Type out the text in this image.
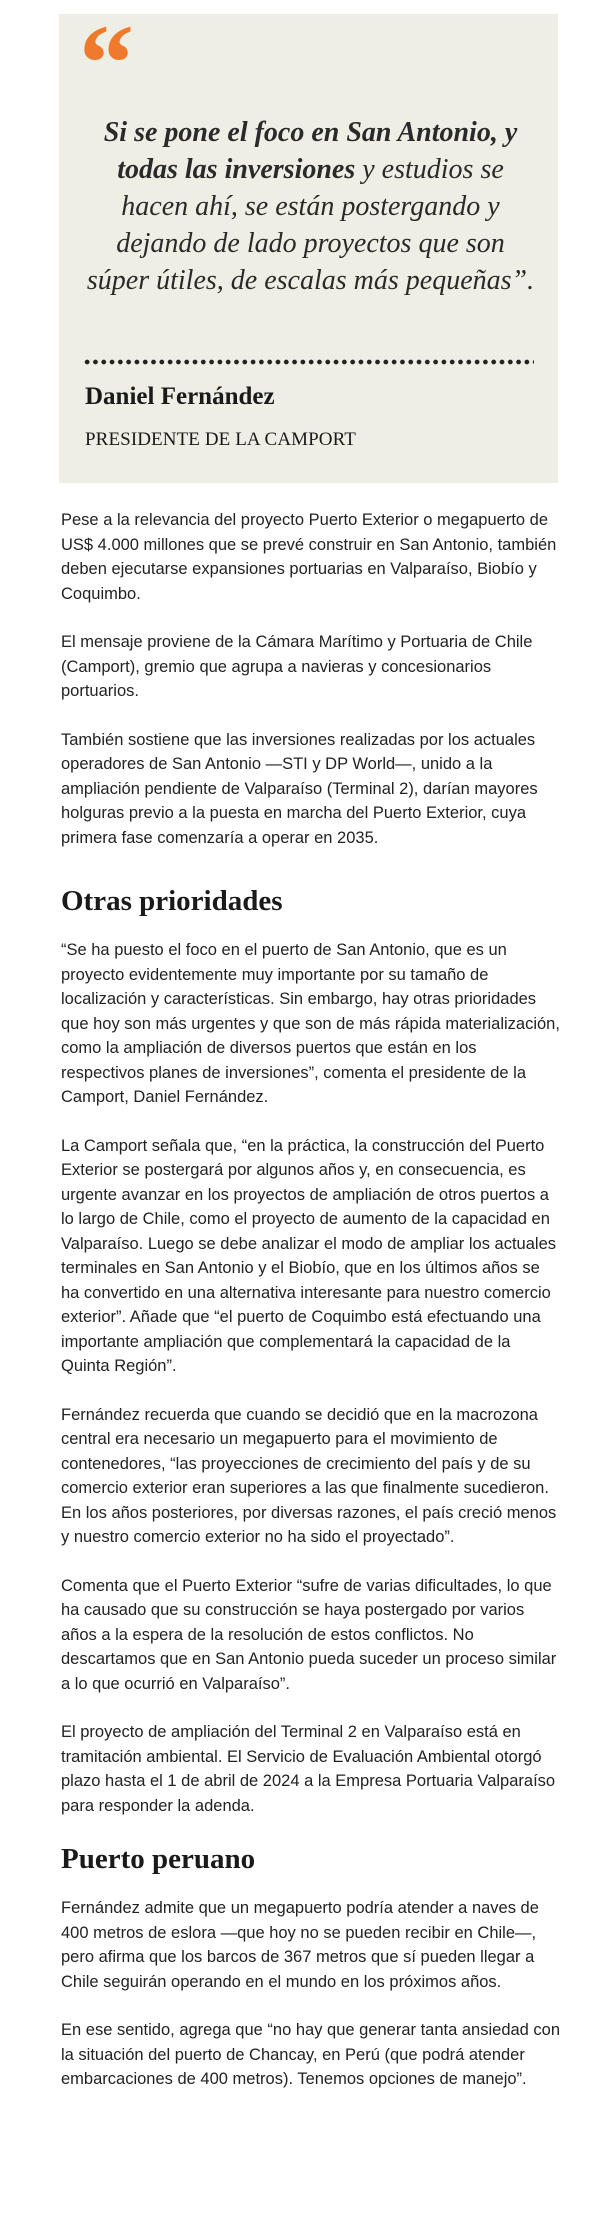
“

Si se pone el foco en San Antonio, y todas las inversiones y estudios se hacen ahí, se están postergando y dejando de lado proyectos que son súper útiles, de escalas más pequeñas”.

Daniel Fernández

PRESIDENTE DE LA CAMPORT

Pese a la relevancia del proyecto Puerto Exterior o megapuerto de US$ 4.000 millones que se prevé construir en San Antonio, también deben ejecutarse expansiones portuarias en Valparaíso, Biobío y Coquimbo.

El mensaje proviene de la Cámara Marítimo y Portuaria de Chile (Camport), gremio que agrupa a navieras y concesionarios portuarios.

También sostiene que las inversiones realizadas por los actuales operadores de San Antonio —STI y DP World—, unido a la ampliación pendiente de Valparaíso (Terminal 2), darían mayores holguras previo a la puesta en marcha del Puerto Exterior, cuya primera fase comenzaría a operar en 2035.

Otras prioridades

“Se ha puesto el foco en el puerto de San Antonio, que es un proyecto evidentemente muy importante por su tamaño de localización y características. Sin embargo, hay otras prioridades que hoy son más urgentes y que son de más rápida materialización, como la ampliación de diversos puertos que están en los respectivos planes de inversiones”, comenta el presidente de la Camport, Daniel Fernández.

La Camport señala que, “en la práctica, la construcción del Puerto Exterior se postergará por algunos años y, en consecuencia, es urgente avanzar en los proyectos de ampliación de otros puertos a lo largo de Chile, como el proyecto de aumento de la capacidad en Valparaíso. Luego se debe analizar el modo de ampliar los actuales terminales en San Antonio y el Biobío, que en los últimos años se ha convertido en una alternativa interesante para nuestro comercio exterior”. Añade que “el puerto de Coquimbo está efectuando una importante ampliación que complementará la capacidad de la Quinta Región”.

Fernández recuerda que cuando se decidió que en la macrozona central era necesario un megapuerto para el movimiento de contenedores, “las proyecciones de crecimiento del país y de su comercio exterior eran superiores a las que finalmente sucedieron. En los años posteriores, por diversas razones, el país creció menos y nuestro comercio exterior no ha sido el proyectado”.

Comenta que el Puerto Exterior “sufre de varias dificultades, lo que ha causado que su construcción se haya postergado por varios años a la espera de la resolución de estos conflictos. No descartamos que en San Antonio pueda suceder un proceso similar a lo que ocurrió en Valparaíso”.

El proyecto de ampliación del Terminal 2 en Valparaíso está en tramitación ambiental. El Servicio de Evaluación Ambiental otorgó plazo hasta el 1 de abril de 2024 a la Empresa Portuaria Valparaíso para responder la adenda.

Puerto peruano

Fernández admite que un megapuerto podría atender a naves de 400 metros de eslora —que hoy no se pueden recibir en Chile—, pero afirma que los barcos de 367 metros que sí pueden llegar a Chile seguirán operando en el mundo en los próximos años.

En ese sentido, agrega que “no hay que generar tanta ansiedad con la situación del puerto de Chancay, en Perú (que podrá atender embarcaciones de 400 metros). Tenemos opciones de manejo”.
